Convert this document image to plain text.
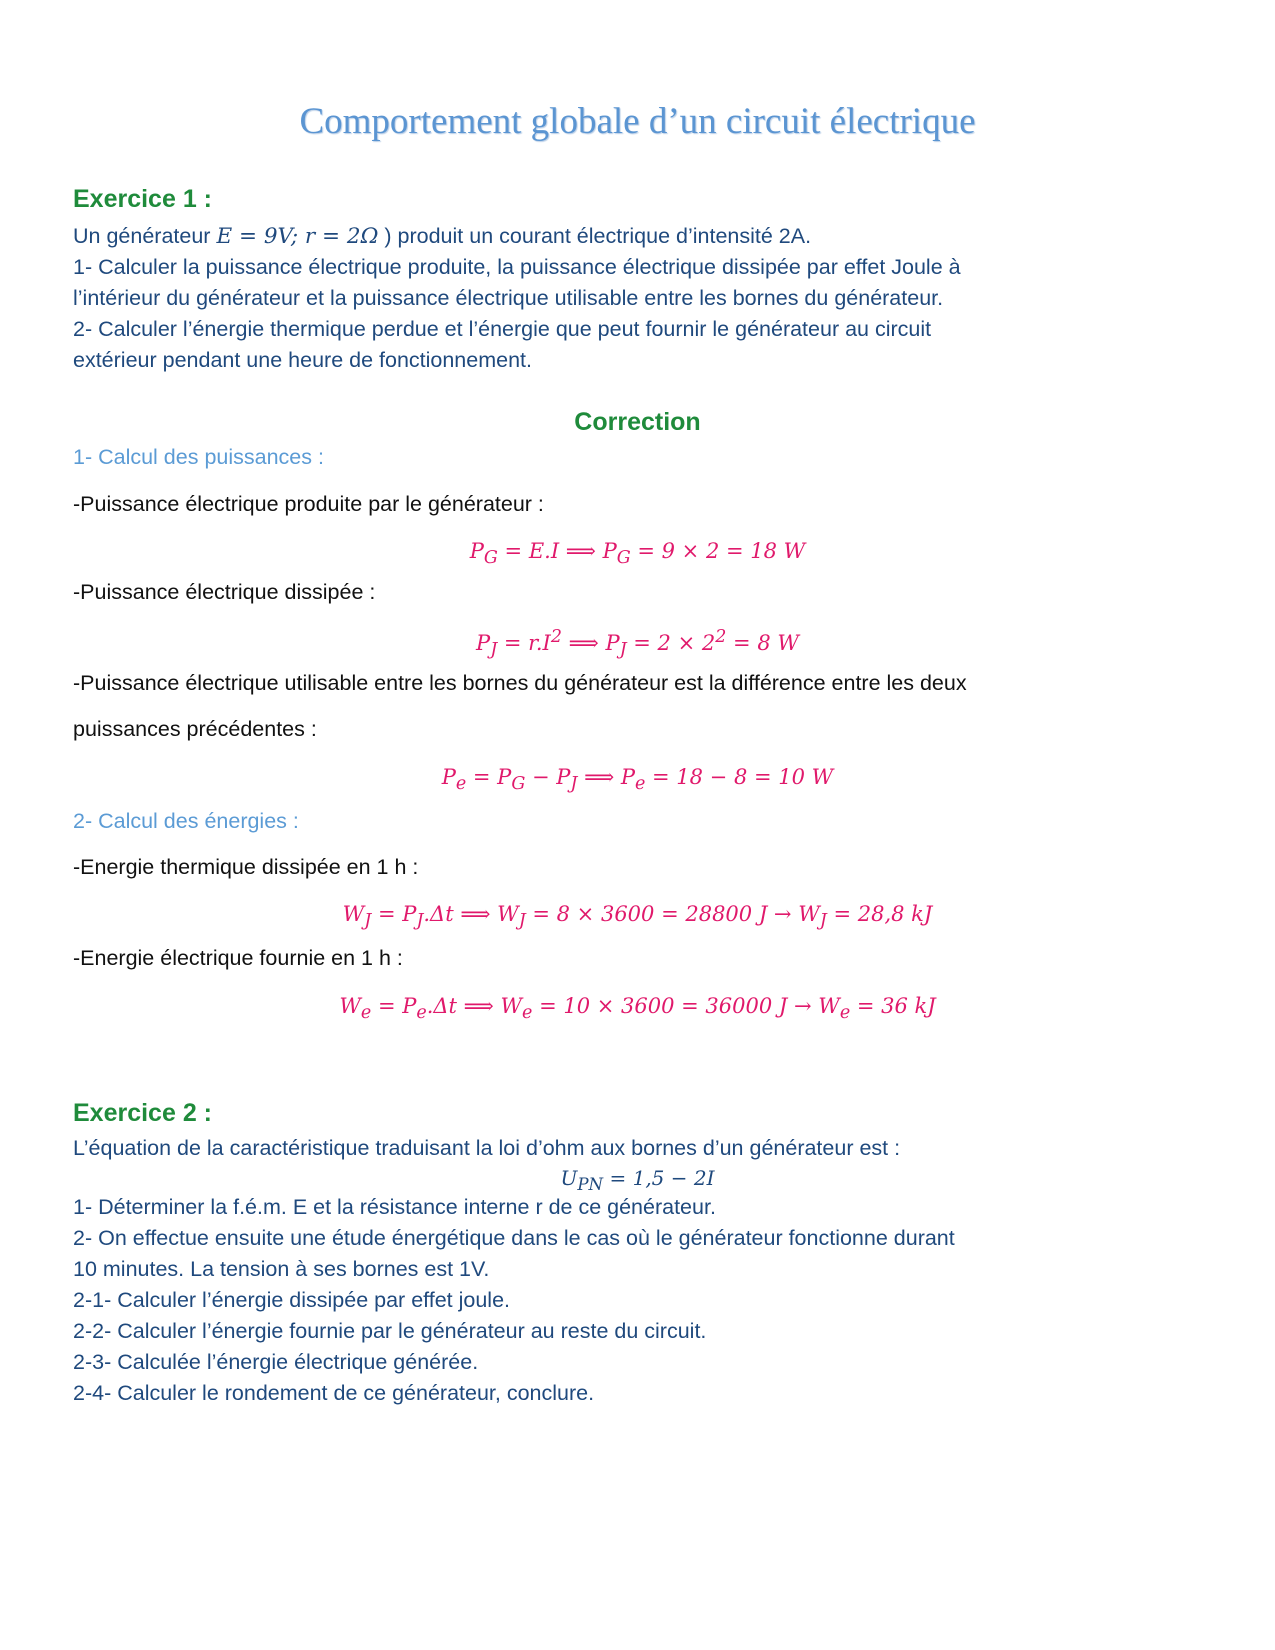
Comportement globale d’un circuit électrique
Exercice 1 :
Un générateur E = 9V; r = 2Ω ) produit un courant électrique d’intensité 2A.
1- Calculer la puissance électrique produite, la puissance électrique dissipée par effet Joule à
l’intérieur du générateur et la puissance électrique utilisable entre les bornes du générateur.
2- Calculer l’énergie thermique perdue et l’énergie que peut fournir le générateur au circuit
extérieur pendant une heure de fonctionnement.
Correction
1- Calcul des puissances :
-Puissance électrique produite par le générateur :
$P_G = E.I$ ⟹ $P_G = 9 \times 2 = 18$ W
-Puissance électrique dissipée :
$P_J = r.I^2$ ⟹ $P_J = 2 \times 2^2 = 8$ W
-Puissance électrique utilisable entre les bornes du générateur est la différence entre les deux
puissances précédentes :
$P_e = P_G - P_J$ ⟹ $P_e = 18 - 8 = 10$ W
2- Calcul des énergies :
-Energie thermique dissipée en 1 h :
$W_J = P_J.\Delta t$ ⟹ $W_J = 8 \times 3600 = 28800$ $J \to W_J = 28,8$ kJ
-Energie électrique fournie en 1 h :
$W_e = P_e.\Delta t$ ⟹ $W_e = 10 \times 3600 = 36000$ $J \to W_e = 36$ kJ
Exercice 2 :
L’équation de la caractéristique traduisant la loi d’ohm aux bornes d’un générateur est :
$U_{PN} = 1,5 - 2I$
1- Déterminer la f.é.m. E et la résistance interne r de ce générateur.
2- On effectue ensuite une étude énergétique dans le cas où le générateur fonctionne durant
10 minutes. La tension à ses bornes est 1V.
2-1- Calculer l’énergie dissipée par effet joule.
2-2- Calculer l’énergie fournie par le générateur au reste du circuit.
2-3- Calculée l’énergie électrique générée.
2-4- Calculer le rondement de ce générateur, conclure.
